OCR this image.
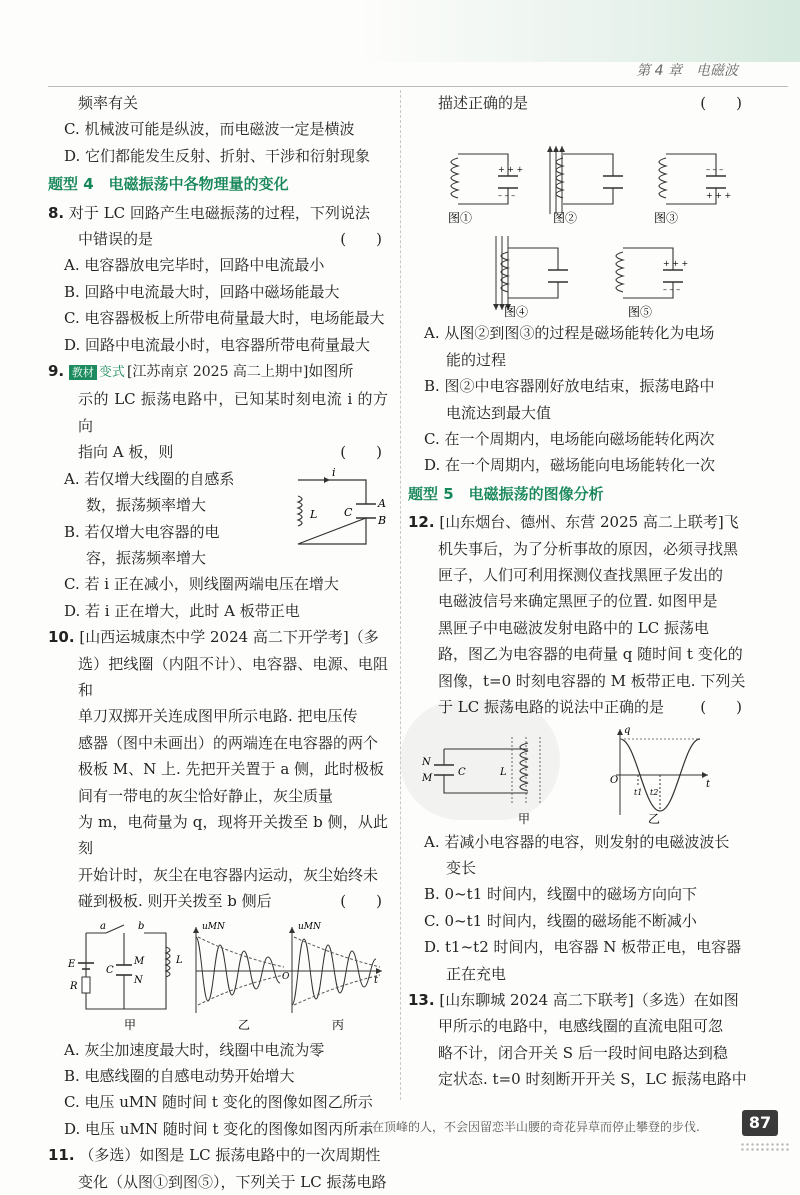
第 4 章　电磁波

频率有关

C. 机械波可能是纵波，而电磁波一定是横波

D. 它们都能发生反射、折射、干涉和衍射现象

题型 4　电磁振荡中各物理量的变化

8. 对于 LC 回路产生电磁振荡的过程，下列说法

中错误的是	(　　)

A. 电容器放电完毕时，回路中电流最小

B. 回路中电流最大时，回路中磁场能最大

C. 电容器极板上所带电荷量最大时，电场能最大

D. 回路中电流最小时，电容器所带电荷量最大

9. 教材 变式 [江苏南京 2025 高二上期中]如图所

示的 LC 振荡电路中，已知某时刻电流 i 的方向

指向 A 板，则	(　　)

i
L C
A
B

A. 若仅增大线圈的自感系

数，振荡频率增大

B. 若仅增大电容器的电

容，振荡频率增大

C. 若 i 正在减小，则线圈两端电压在增大

D. 若 i 正在增大，此时 A 板带正电

10. [山西运城康杰中学 2024 高二下开学考]（多

选）把线圈（内阻不计）、电容器、电源、电阻和

单刀双掷开关连成图甲所示电路. 把电压传

感器（图中未画出）的两端连在电容器的两个

极板 M、N 上. 先把开关置于 a 侧，此时极板

间有一带电的灰尘恰好静止，灰尘质量

为 m，电荷量为 q，现将开关拨至 b 侧，从此刻

开始计时，灰尘在电容器内运动，灰尘始终未

碰到极板. 则开关拨至 b 侧后	(　　)

a	b
E
R
M
C
N
L
甲
uMN
乙
uMN
O	t
丙

A. 灰尘加速度最大时，线圈中电流为零

B. 电感线圈的自感电动势开始增大

C. 电压 uMN 随时间 t 变化的图像如图乙所示

D. 电压 uMN 随时间 t 变化的图像如图丙所示

11. （多选）如图是 LC 振荡电路中的一次周期性

变化（从图①到图⑤），下列关于 LC 振荡电路

描述正确的是	(　　)

+ + +
– – –
图①	图②
– – –
+ + +
图③
图④
+ + +
– – –
图⑤

A. 从图②到图③的过程是磁场能转化为电场

能的过程

B. 图②中电容器刚好放电结束，振荡电路中

电流达到最大值

C. 在一个周期内，电场能向磁场能转化两次

D. 在一个周期内，磁场能向电场能转化一次

题型 5　电磁振荡的图像分析

12. [山东烟台、德州、东营 2025 高二上联考]飞

机失事后，为了分析事故的原因，必须寻找黑

匣子，人们可利用探测仪查找黑匣子发出的

电磁波信号来确定黑匣子的位置. 如图甲是

黑匣子中电磁波发射电路中的 LC 振荡电

路，图乙为电容器的电荷量 q 随时间 t 变化的

图像，t=0 时刻电容器的 M 板带正电. 下列关

于 LC 振荡电路的说法中正确的是 (　　)

N
M
C	L
甲
q
O	t
t1 t2
乙

A. 若减小电容器的电容，则发射的电磁波波长

变长

B. 0~t1 时间内，线圈中的磁场方向向下

C. 0~t1 时间内，线圈的磁场能不断减小

D. t1~t2 时间内，电容器 N 板带正电，电容器

正在充电

13. [山东聊城 2024 高二下联考]（多选）在如图

甲所示的电路中，电感线圈的直流电阻可忽

略不计，闭合开关 S 后一段时间电路达到稳

定状态. t=0 时刻断开开关 S，LC 振荡电路中

志在顶峰的人，不会因留恋半山腰的奇花异草而停止攀登的步伐.	87
